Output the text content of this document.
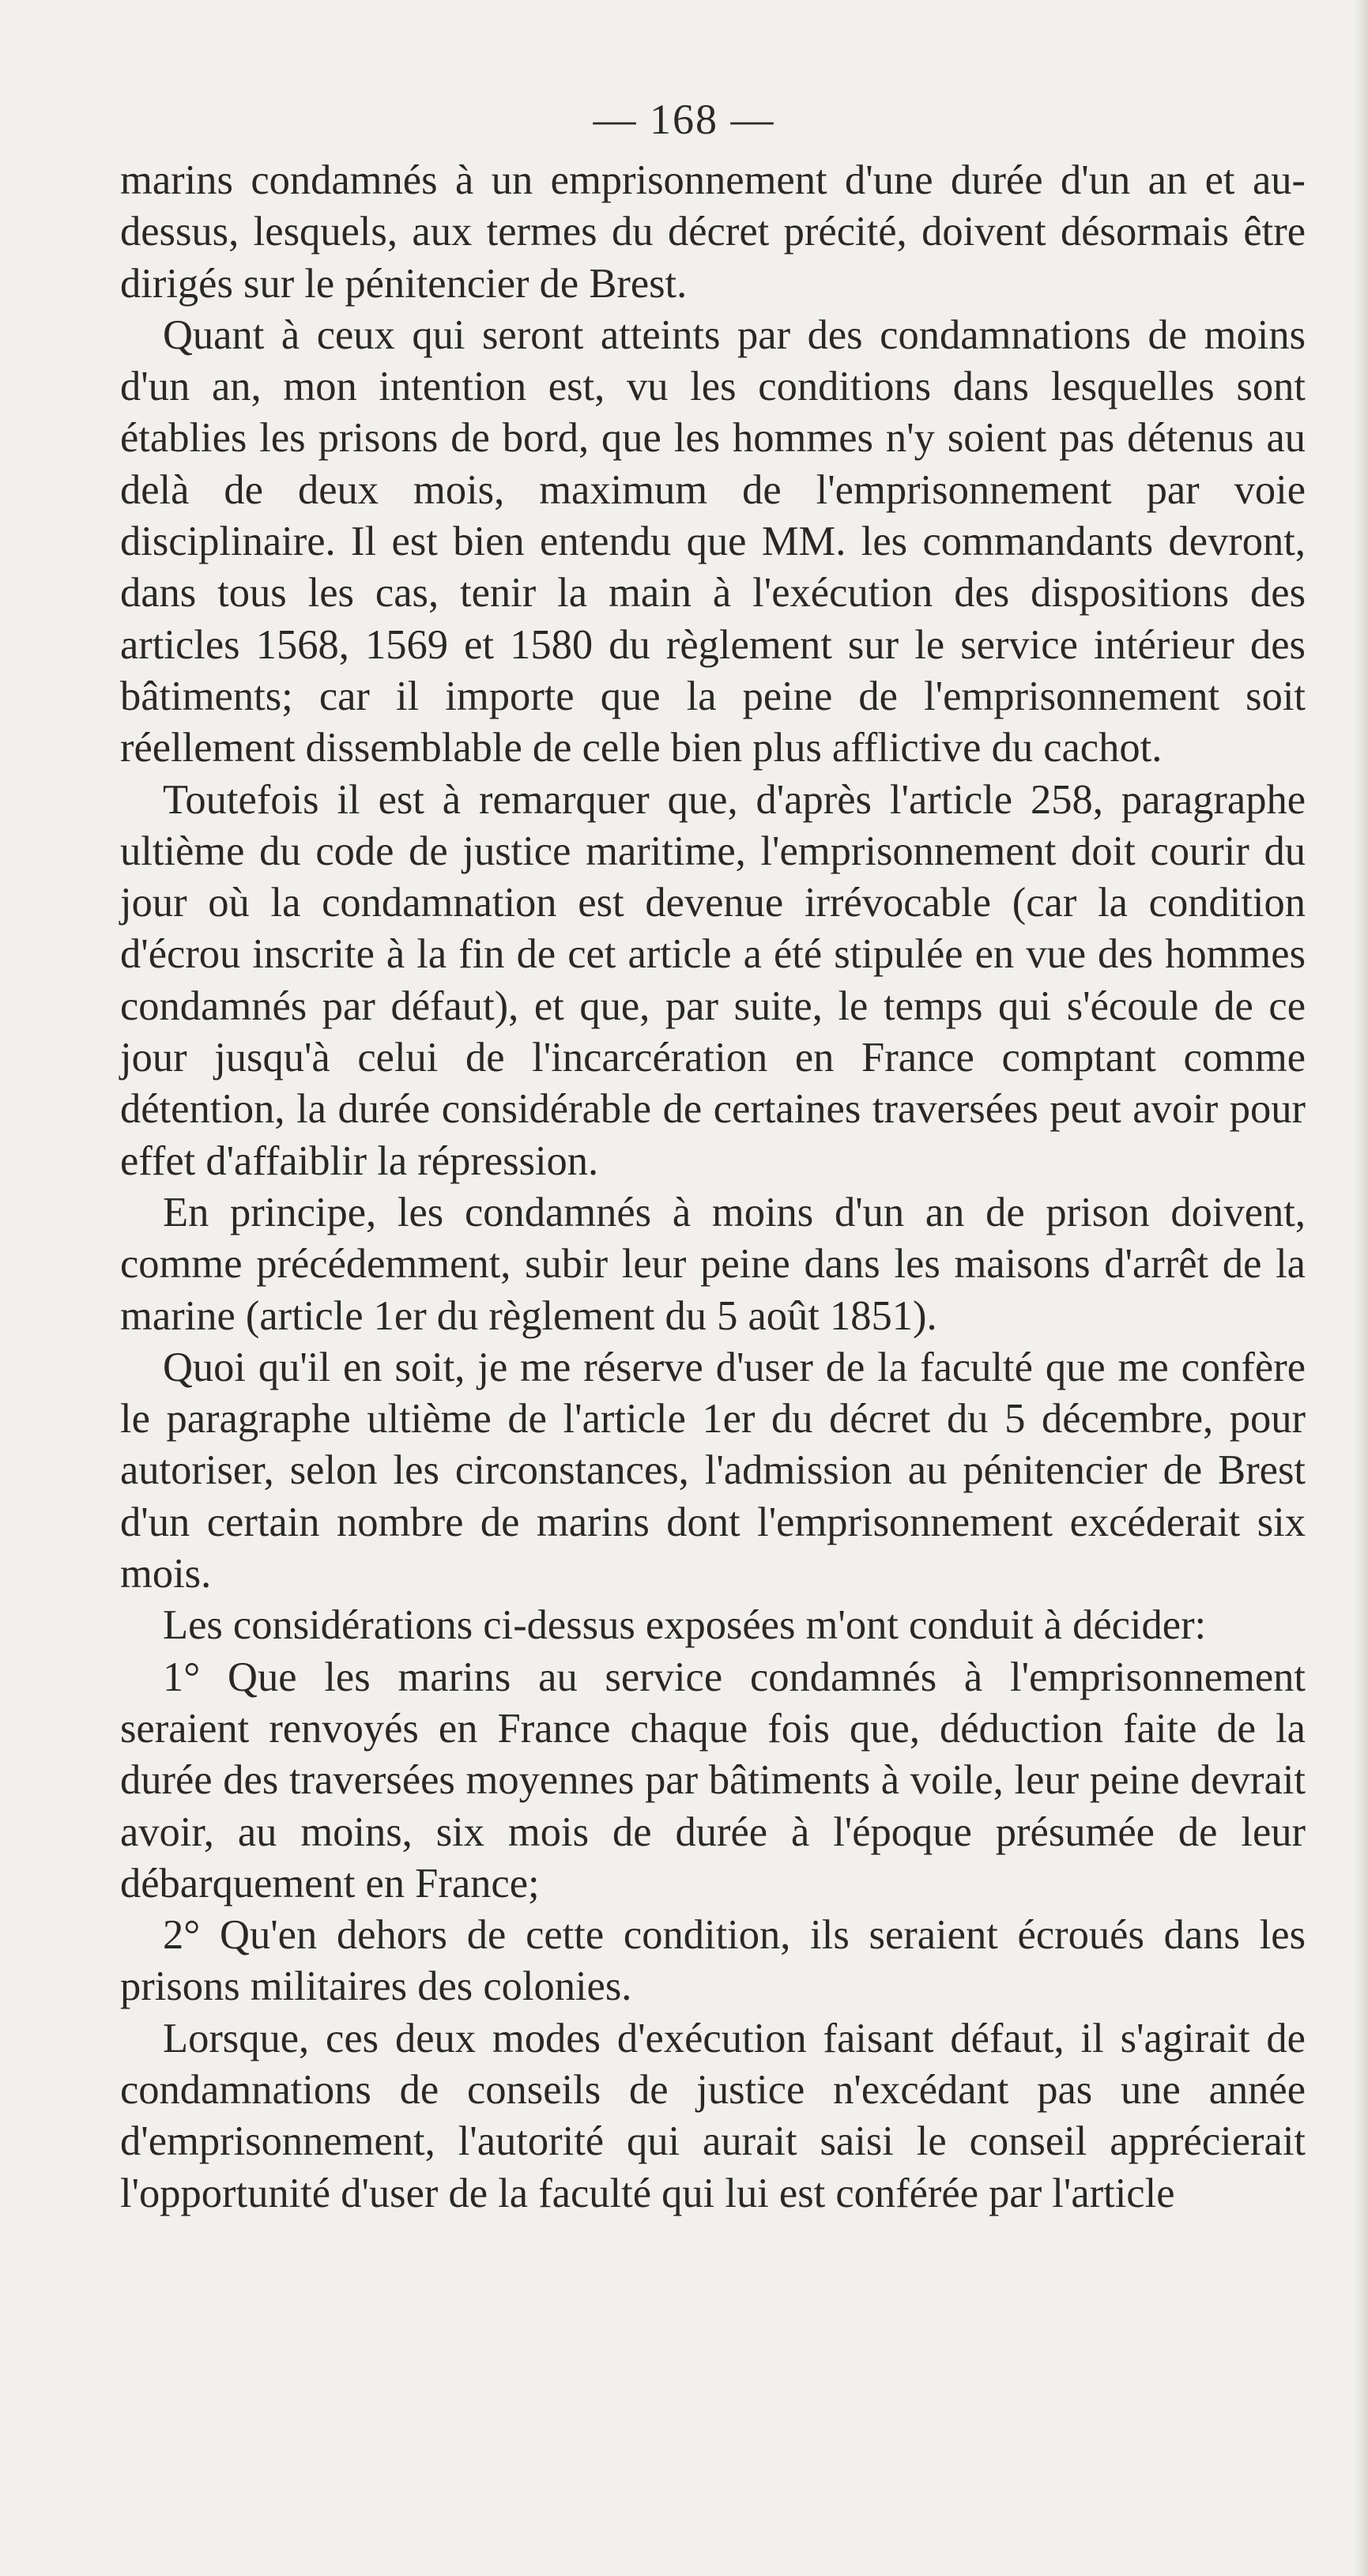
— 168 —

marins condamnés à un emprisonnement d'une durée d'un an et au-dessus, lesquels, aux termes du décret précité, doivent désormais être dirigés sur le pénitencier de Brest.

Quant à ceux qui seront atteints par des condamnations de moins d'un an, mon intention est, vu les conditions dans lesquelles sont établies les prisons de bord, que les hommes n'y soient pas détenus au delà de deux mois, maximum de l'emprisonnement par voie disciplinaire. Il est bien entendu que MM. les commandants devront, dans tous les cas, tenir la main à l'exécution des dispositions des articles 1568, 1569 et 1580 du règlement sur le service intérieur des bâtiments; car il importe que la peine de l'emprisonnement soit réellement dissemblable de celle bien plus afflictive du cachot.

Toutefois il est à remarquer que, d'après l'article 258, paragraphe ultième du code de justice maritime, l'emprisonnement doit courir du jour où la condamnation est devenue irrévocable (car la condition d'écrou inscrite à la fin de cet article a été stipulée en vue des hommes condamnés par défaut), et que, par suite, le temps qui s'écoule de ce jour jusqu'à celui de l'incarcération en France comptant comme détention, la durée considérable de certaines traversées peut avoir pour effet d'affaiblir la répression.

En principe, les condamnés à moins d'un an de prison doivent, comme précédemment, subir leur peine dans les maisons d'arrêt de la marine (article 1er du règlement du 5 août 1851).

Quoi qu'il en soit, je me réserve d'user de la faculté que me confère le paragraphe ultième de l'article 1er du décret du 5 décembre, pour autoriser, selon les circonstances, l'admission au pénitencier de Brest d'un certain nombre de marins dont l'emprisonnement excéderait six mois.

Les considérations ci-dessus exposées m'ont conduit à décider:

1° Que les marins au service condamnés à l'emprisonnement seraient renvoyés en France chaque fois que, déduction faite de la durée des traversées moyennes par bâtiments à voile, leur peine devrait avoir, au moins, six mois de durée à l'époque présumée de leur débarquement en France;

2° Qu'en dehors de cette condition, ils seraient écroués dans les prisons militaires des colonies.

Lorsque, ces deux modes d'exécution faisant défaut, il s'agirait de condamnations de conseils de justice n'excédant pas une année d'emprisonnement, l'autorité qui aurait saisi le conseil apprécierait l'opportunité d'user de la faculté qui lui est conférée par l'article
